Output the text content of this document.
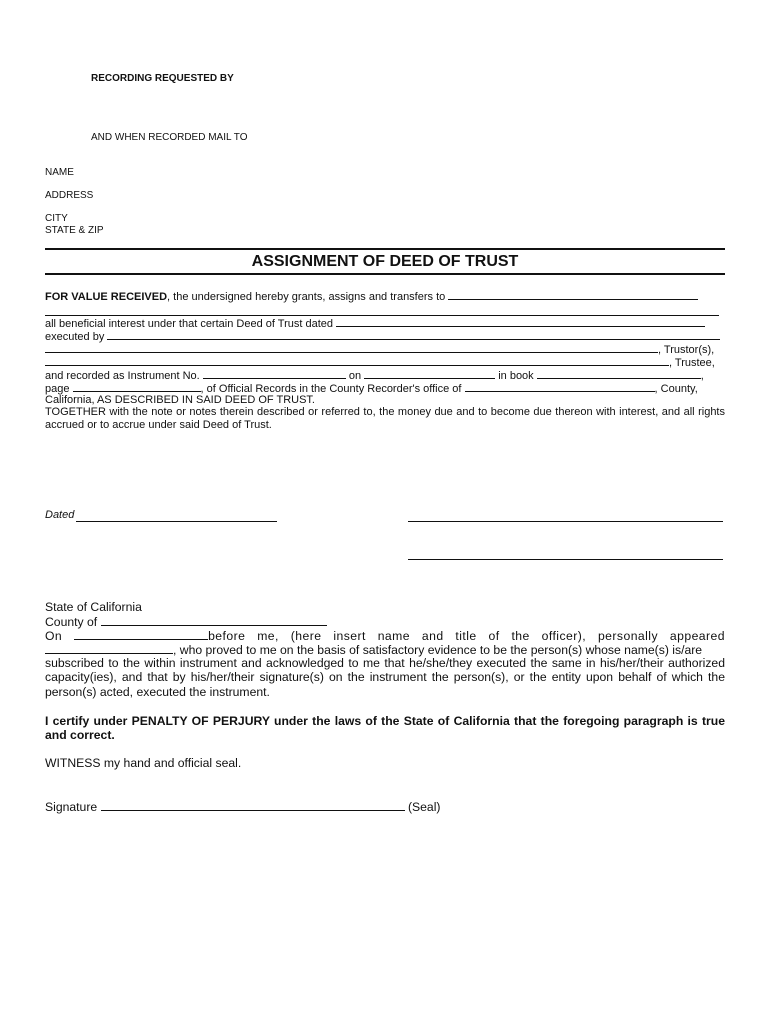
RECORDING REQUESTED BY
AND WHEN RECORDED MAIL TO
NAME
ADDRESS
CITY
STATE & ZIP
ASSIGNMENT OF DEED OF TRUST
FOR VALUE RECEIVED, the undersigned hereby grants, assigns and transfers to
all beneficial interest under that certain Deed of Trust dated
executed by
, Trustor(s),
, Trustee,
and recorded as Instrument No.	on	in book	,
page	, of Official Records in the County Recorder's office of	, County,
California, AS DESCRIBED IN SAID DEED OF TRUST.
TOGETHER with the note or notes therein described or referred to, the money due and to become due thereon with interest, and all rights accrued or to accrue under said Deed of Trust.
Dated
State of California
County of
On	before me, (here insert name and title of the officer), personally appeared
, who proved to me on the basis of satisfactory evidence to be the person(s) whose name(s) is/are
subscribed to the within instrument and acknowledged to me that he/she/they executed the same in his/her/their authorized capacity(ies), and that by his/her/their signature(s) on the instrument the person(s), or the entity upon behalf of which the person(s) acted, executed the instrument.
I certify under PENALTY OF PERJURY under the laws of the State of California that the foregoing paragraph is true and correct.
WITNESS my hand and official seal.
Signature	(Seal)
